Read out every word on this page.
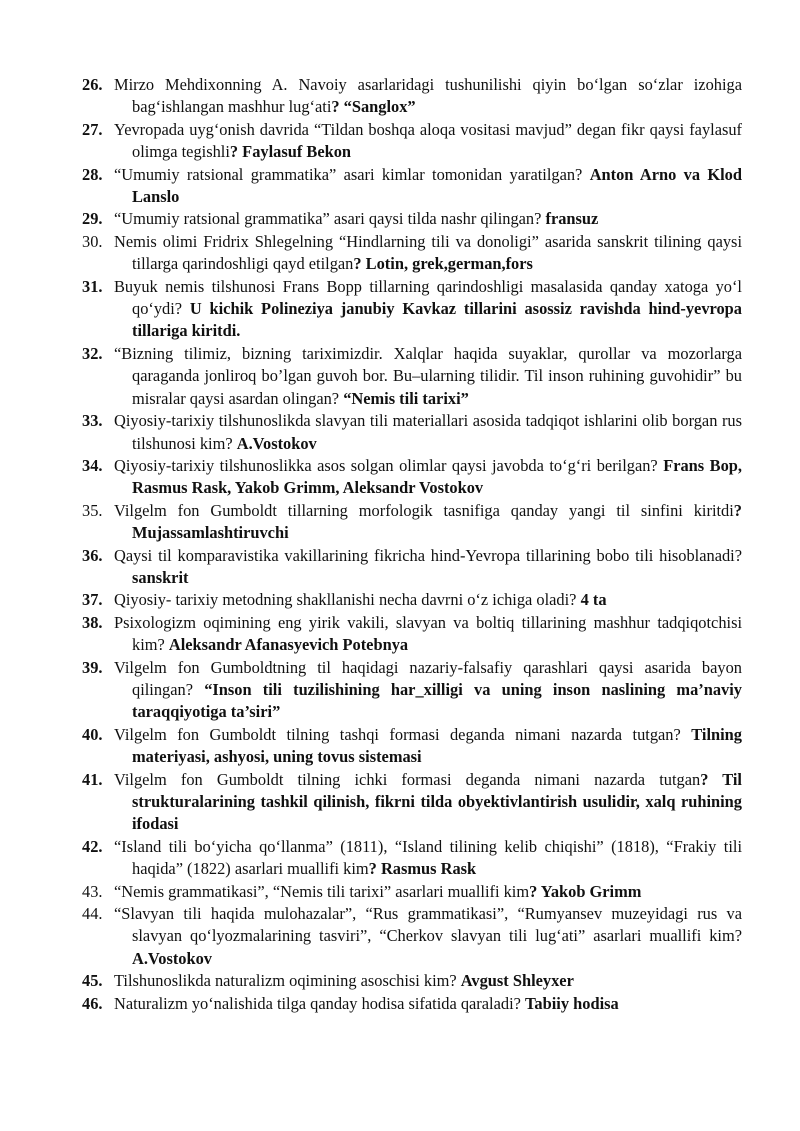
26. Mirzo Mehdixonning A. Navoiy asarlaridagi tushunilishi qiyin bo‘lgan so‘zlar izohiga bag‘ishlangan mashhur lug‘ati? “Sanglox”
27. Yevropada uyg‘onish davrida “Tildan boshqa aloqa vositasi mavjud” degan fikr qaysi faylasuf olimga tegishli? Faylasuf Bekon
28. “Umumiy ratsional grammatika” asari kimlar tomonidan yaratilgan? Anton Arno va Klod Lanslo
29. “Umumiy ratsional grammatika” asari qaysi tilda nashr qilingan? fransuz
30. Nemis olimi Fridrix Shlegelning “Hindlarning tili va donoligi” asarida sanskrit tilining qaysi tillarga qarindoshligi qayd etilgan? Lotin, grek,german,fors
31. Buyuk nemis tilshunosi Frans Bopp tillarning qarindoshligi masalasida qanday xatoga yo‘l qo‘ydi? U kichik Polineziya janubiy Kavkaz tillarini asossiz ravishda hind-yevropa tillariga kiritdi.
32. “Bizning tilimiz, bizning tariximizdir. Xalqlar haqida suyaklar, qurollar va mozorlarga qaraganda jonliroq bo’lgan guvoh bor. Bu–ularning tilidir. Til inson ruhining guvohidir” bu misralar qaysi asardan olingan? “Nemis tili tarixi”
33. Qiyosiy-tarixiy tilshunoslikda slavyan tili materiallari asosida tadqiqot ishlarini olib borgan rus tilshunosi kim? A.Vostokov
34. Qiyosiy-tarixiy tilshunoslikka asos solgan olimlar qaysi javobda to‘g‘ri berilgan? Frans Bop, Rasmus Rask, Yakob Grimm, Aleksandr Vostokov
35. Vilgelm fon Gumboldt tillarning morfologik tasnifiga qanday yangi til sinfini kiritdi? Mujassamlashtiruvchi
36. Qaysi til komparavistika vakillarining fikricha hind-Yevropa tillarining bobo tili hisoblanadi? sanskrit
37. Qiyosiy- tarixiy metodning shakllanishi necha davrni o‘z ichiga oladi? 4 ta
38. Psixologizm oqimining eng yirik vakili, slavyan va boltiq tillarining mashhur tadqiqotchisi kim? Aleksandr Afanasyevich Potebnya
39. Vilgelm fon Gumboldtning til haqidagi nazariy-falsafiy qarashlari qaysi asarida bayon qilingan? “Inson tili tuzilishining har_xilligi va uning inson naslining ma’naviy taraqqiyotiga ta’siri”
40. Vilgelm fon Gumboldt tilning tashqi formasi deganda nimani nazarda tutgan? Tilning materiyasi, ashyosi, uning tovus sistemasi
41. Vilgelm fon Gumboldt tilning ichki formasi deganda nimani nazarda tutgan? Til strukturalarining tashkil qilinish, fikrni tilda obyektivlantirish usulidir, xalq ruhining ifodasi
42. “Island tili bo‘yicha qo‘llanma” (1811), “Island tilining kelib chiqishi” (1818), “Frakiy tili haqida” (1822) asarlari muallifi kim? Rasmus Rask
43. “Nemis grammatikasi”, “Nemis tili tarixi” asarlari muallifi kim? Yakob Grimm
44. “Slavyan tili haqida mulohazalar”, “Rus grammatikasi”, “Rumyansev muzeyidagi rus va slavyan qo‘lyozmalarining tasviri”, “Cherkov slavyan tili lug‘ati” asarlari muallifi kim? A.Vostokov
45. Tilshunoslikda naturalizm oqimining asoschisi kim? Avgust Shleyxer
46. Naturalizm yo‘nalishida tilga qanday hodisa sifatida qaraladi? Tabiiy hodisa
